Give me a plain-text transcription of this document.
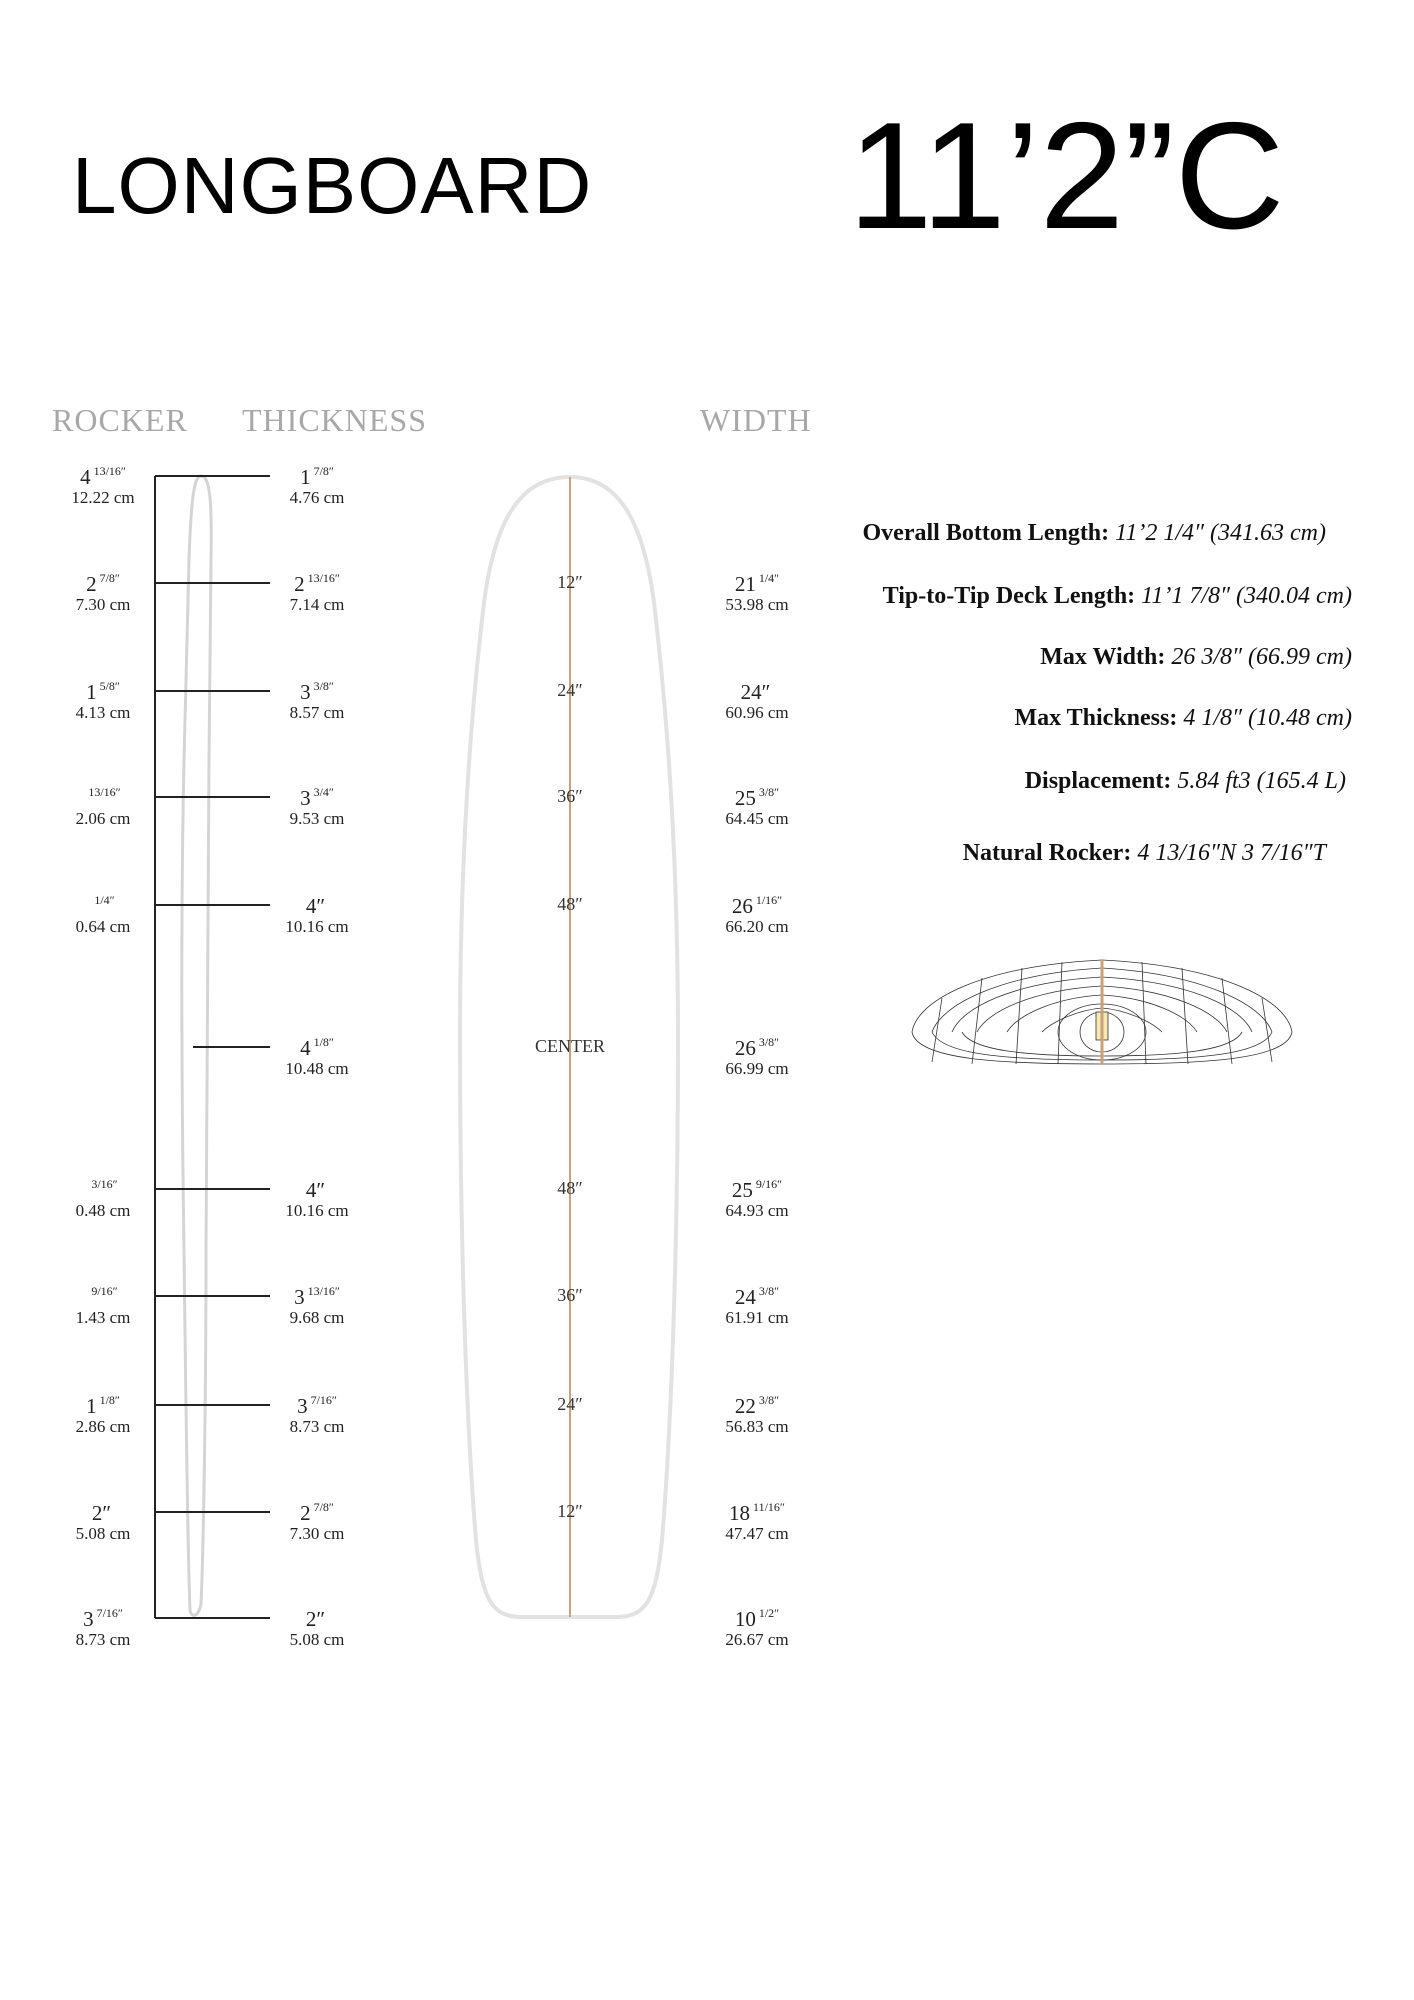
LONGBOARD 11’2”C
ROCKER THICKNESS	WIDTH
12″
24″
36″
48″
CENTER
48″
36″
24″
12″
4 $^{13/16''}$
12.22 cm
1 $^{7/8''}$
4.76 cm
2 $^{7/8''}$
7.30 cm
2 $^{13/16''}$
7.14 cm
21 $^{1/4''}$
53.98 cm
1 $^{5/8''}$
4.13 cm
3 $^{3/8''}$
8.57 cm
24″
60.96 cm
$^{13/16''}$
2.06 cm
3 $^{3/4''}$
9.53 cm
25 $^{3/8''}$
64.45 cm
$^{1/4''}$
0.64 cm
4″
10.16 cm
26 $^{1/16''}$
66.20 cm
4 $^{1/8''}$
10.48 cm
26 $^{3/8''}$
66.99 cm
$^{3/16''}$
0.48 cm
4″
10.16 cm
25 $^{9/16''}$
64.93 cm
$^{9/16''}$
1.43 cm
3 $^{13/16''}$
9.68 cm
24 $^{3/8''}$
61.91 cm
1 $^{1/8''}$
2.86 cm
3 $^{7/16''}$
8.73 cm
22 $^{3/8''}$
56.83 cm
2″
5.08 cm
2 $^{7/8''}$
7.30 cm
18 $^{11/16''}$
47.47 cm
3 $^{7/16''}$
8.73 cm
2″
5.08 cm
10 $^{1/2''}$
26.67 cm
Overall Bottom Length: 11’2 1/4″ (341.63 cm)
Tip-to-Tip Deck Length: 11’1 7/8″ (340.04 cm)
Max Width: 26 3/8″ (66.99 cm)
Max Thickness: 4 1/8″ (10.48 cm)
Displacement: 5.84 ft3 (165.4 L)
Natural Rocker: 4 13/16″N 3 7/16″T
